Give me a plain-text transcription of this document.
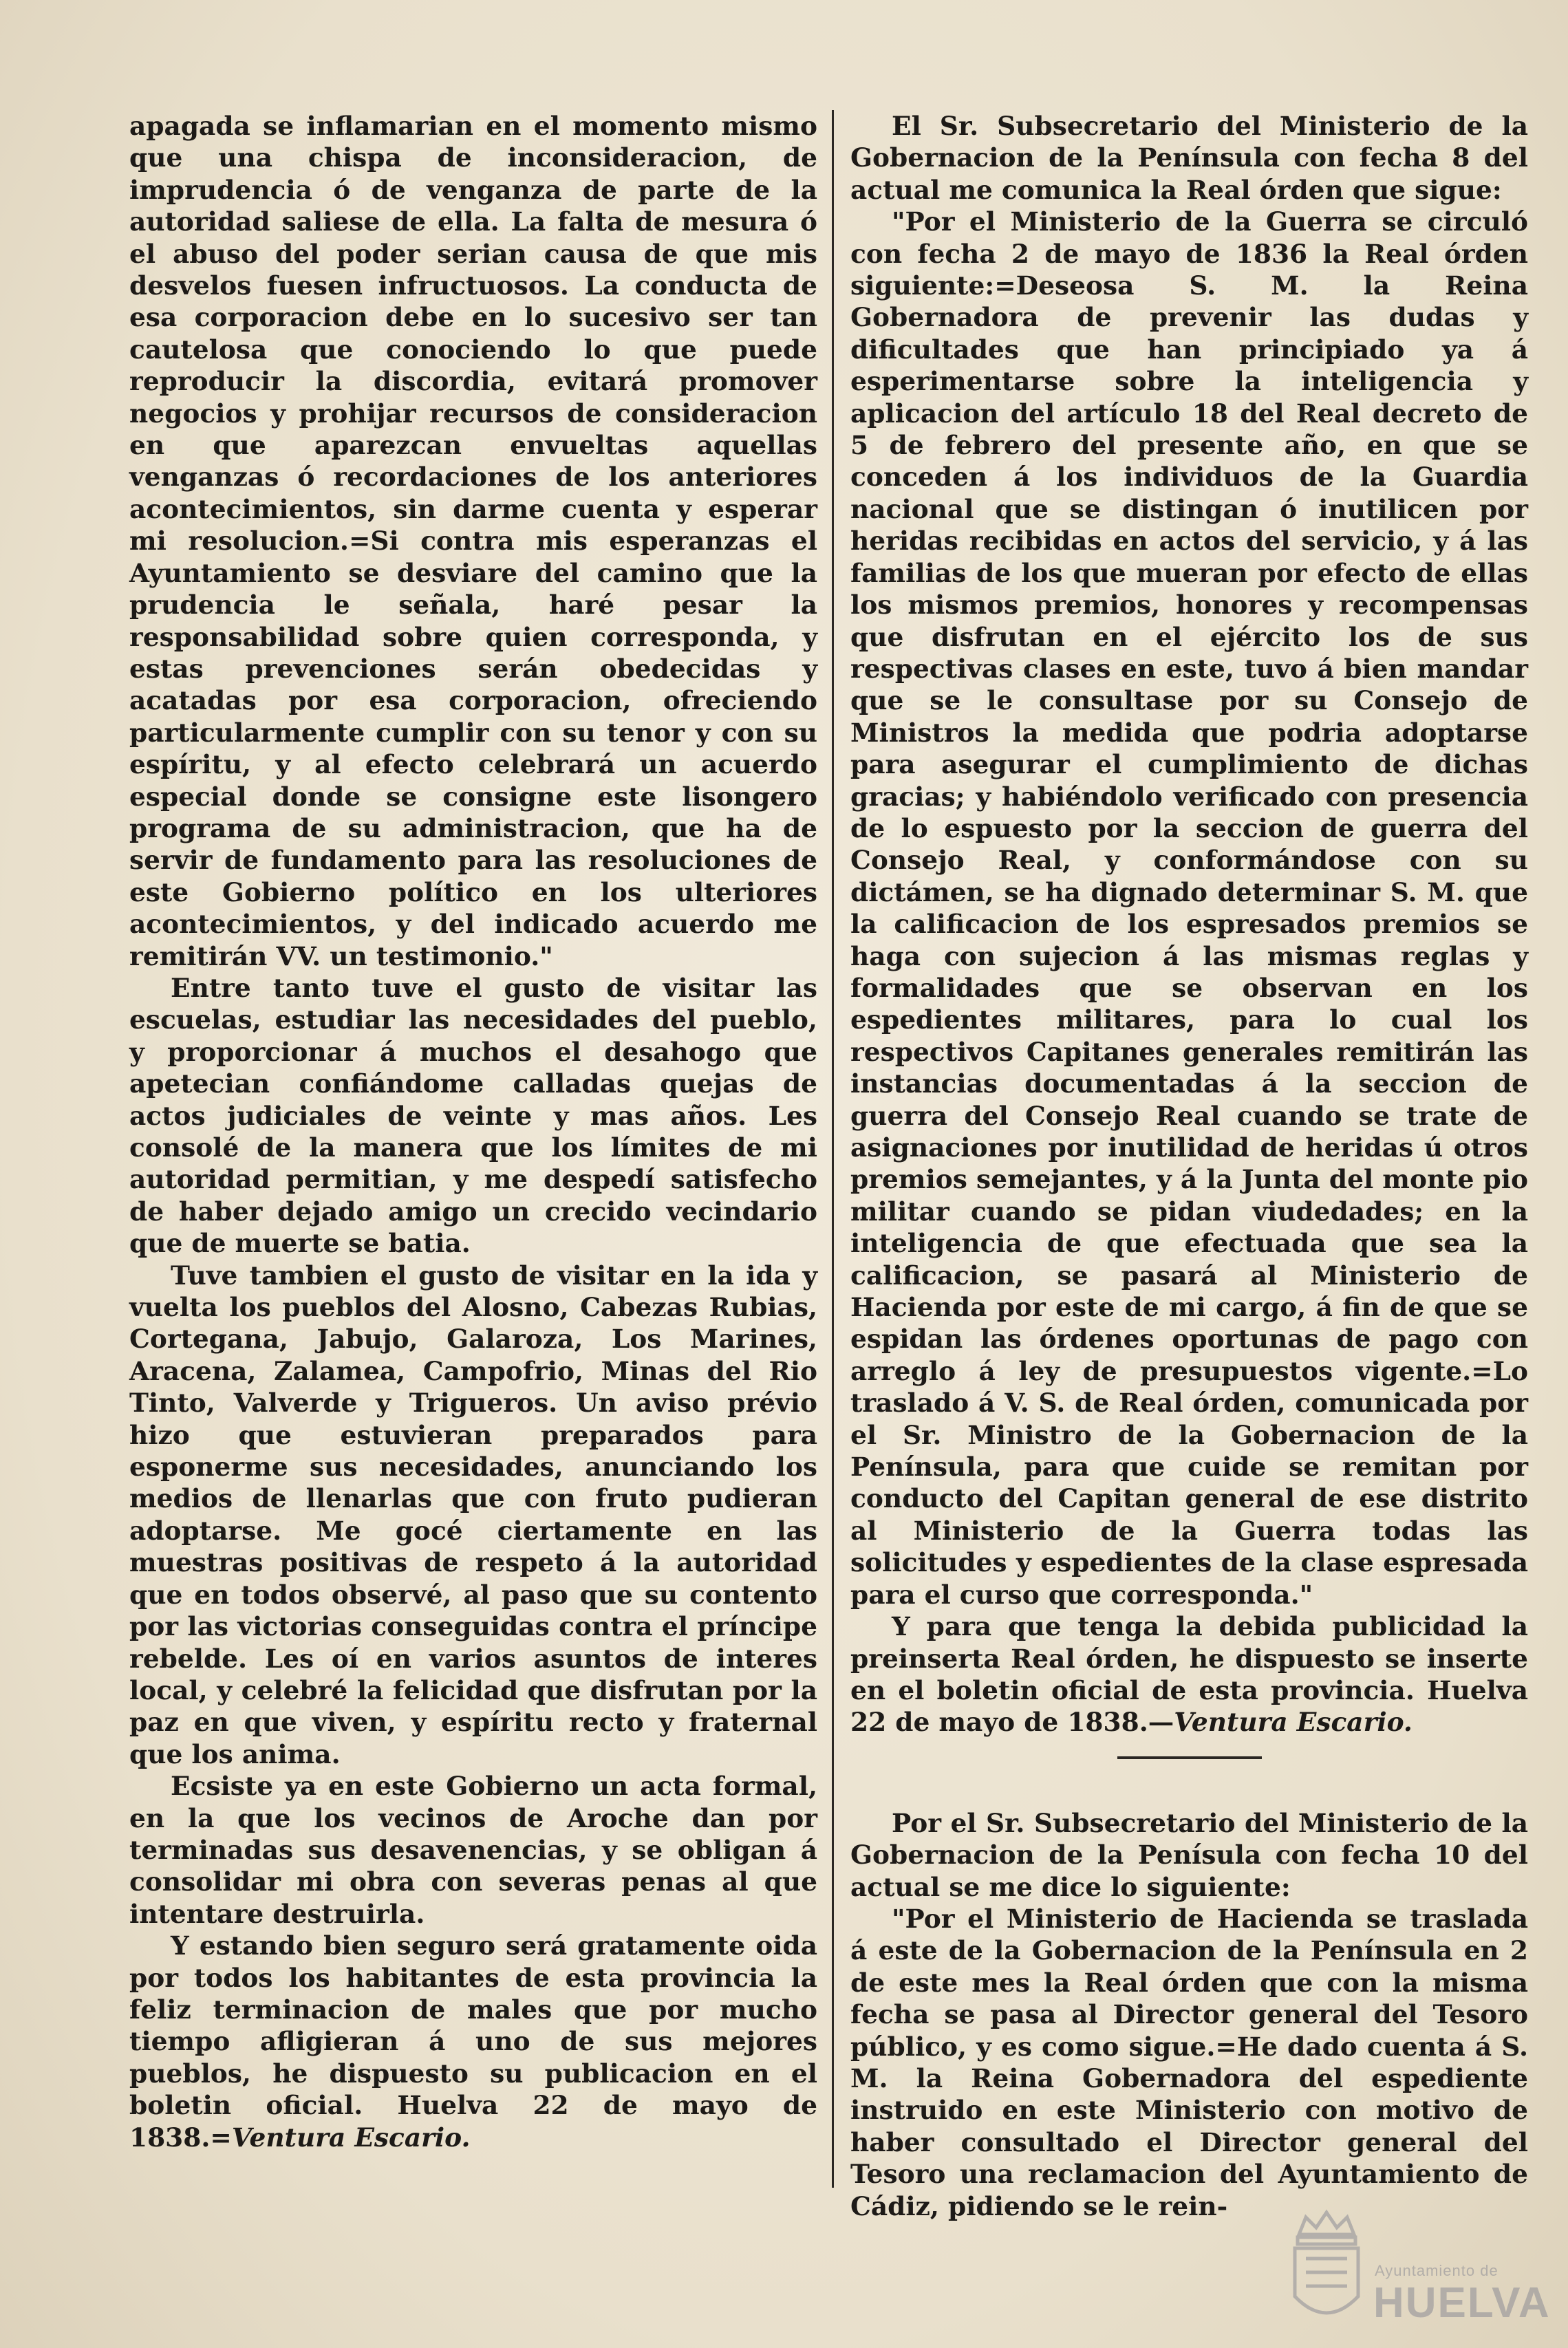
apagada se inflamarian en el momento mismo que una chispa de inconsideracion, de imprudencia ó de venganza de parte de la autoridad saliese de ella. La falta de mesura ó el abuso del poder serian causa de que mis desvelos fuesen infructuosos. La conducta de esa corporacion debe en lo sucesivo ser tan cautelosa que conociendo lo que puede reproducir la discordia, evitará promover negocios y prohijar recursos de consideracion en que aparezcan envueltas aquellas venganzas ó recordaciones de los anteriores acontecimientos, sin darme cuenta y esperar mi resolucion.=Si contra mis esperanzas el Ayuntamiento se desviare del camino que la prudencia le señala, haré pesar la responsabilidad sobre quien corresponda, y estas prevenciones serán obedecidas y acatadas por esa corporacion, ofreciendo particularmente cumplir con su tenor y con su espíritu, y al efecto celebrará un acuerdo especial donde se consigne este lisongero programa de su administracion, que ha de servir de fundamento para las resoluciones de este Gobierno político en los ulteriores acontecimientos, y del indicado acuerdo me remitirán VV. un testimonio."

Entre tanto tuve el gusto de visitar las escuelas, estudiar las necesidades del pueblo, y proporcionar á muchos el desahogo que apetecian confiándome calladas quejas de actos judiciales de veinte y mas años. Les consolé de la manera que los límites de mi autoridad permitian, y me despedí satisfecho de haber dejado amigo un crecido vecindario que de muerte se batia.

Tuve tambien el gusto de visitar en la ida y vuelta los pueblos del Alosno, Cabezas Rubias, Cortegana, Jabujo, Galaroza, Los Marines, Aracena, Zalamea, Campofrio, Minas del Rio Tinto, Valverde y Trigueros. Un aviso prévio hizo que estuvieran preparados para esponerme sus necesidades, anunciando los medios de llenarlas que con fruto pudieran adoptarse. Me gocé ciertamente en las muestras positivas de respeto á la autoridad que en todos observé, al paso que su contento por las victorias conseguidas contra el príncipe rebelde. Les oí en varios asuntos de interes local, y celebré la felicidad que disfrutan por la paz en que viven, y espíritu recto y fraternal que los anima.

Ecsiste ya en este Gobierno un acta formal, en la que los vecinos de Aroche dan por terminadas sus desavenencias, y se obligan á consolidar mi obra con severas penas al que intentare destruirla.

Y estando bien seguro será gratamente oida por todos los habitantes de esta provincia la feliz terminacion de males que por mucho tiempo afligieran á uno de sus mejores pueblos, he dispuesto su publicacion en el boletin oficial. Huelva 22 de mayo de 1838.=Ventura Escario.

El Sr. Subsecretario del Ministerio de la Gobernacion de la Península con fecha 8 del actual me comunica la Real órden que sigue:

"Por el Ministerio de la Guerra se circuló con fecha 2 de mayo de 1836 la Real órden siguiente:=Deseosa S. M. la Reina Gobernadora de prevenir las dudas y dificultades que han principiado ya á esperimentarse sobre la inteligencia y aplicacion del artículo 18 del Real decreto de 5 de febrero del presente año, en que se conceden á los individuos de la Guardia nacional que se distingan ó inutilicen por heridas recibidas en actos del servicio, y á las familias de los que mueran por efecto de ellas los mismos premios, honores y recompensas que disfrutan en el ejército los de sus respectivas clases en este, tuvo á bien mandar que se le consultase por su Consejo de Ministros la medida que podria adoptarse para asegurar el cumplimiento de dichas gracias; y habiéndolo verificado con presencia de lo espuesto por la seccion de guerra del Consejo Real, y conformándose con su dictámen, se ha dignado determinar S. M. que la calificacion de los espresados premios se haga con sujecion á las mismas reglas y formalidades que se observan en los espedientes militares, para lo cual los respectivos Capitanes generales remitirán las instancias documentadas á la seccion de guerra del Consejo Real cuando se trate de asignaciones por inutilidad de heridas ú otros premios semejantes, y á la Junta del monte pio militar cuando se pidan viudedades; en la inteligencia de que efectuada que sea la calificacion, se pasará al Ministerio de Hacienda por este de mi cargo, á fin de que se espidan las órdenes oportunas de pago con arreglo á ley de presupuestos vigente.=Lo traslado á V. S. de Real órden, comunicada por el Sr. Ministro de la Gobernacion de la Península, para que cuide se remitan por conducto del Capitan general de ese distrito al Ministerio de la Guerra todas las solicitudes y espedientes de la clase espresada para el curso que corresponda."

Y para que tenga la debida publicidad la preinserta Real órden, he dispuesto se inserte en el boletin oficial de esta provincia. Huelva 22 de mayo de 1838.—Ventura Escario.

Por el Sr. Subsecretario del Ministerio de la Gobernacion de la Penísula con fecha 10 del actual se me dice lo siguiente:

"Por el Ministerio de Hacienda se traslada á este de la Gobernacion de la Península en 2 de este mes la Real órden que con la misma fecha se pasa al Director general del Tesoro público, y es como sigue.=He dado cuenta á S. M. la Reina Gobernadora del espediente instruido en este Ministerio con motivo de haber consultado el Director general del Tesoro una reclamacion del Ayuntamiento de Cádiz, pidiendo se le rein-

Ayuntamiento de
HUELVA
